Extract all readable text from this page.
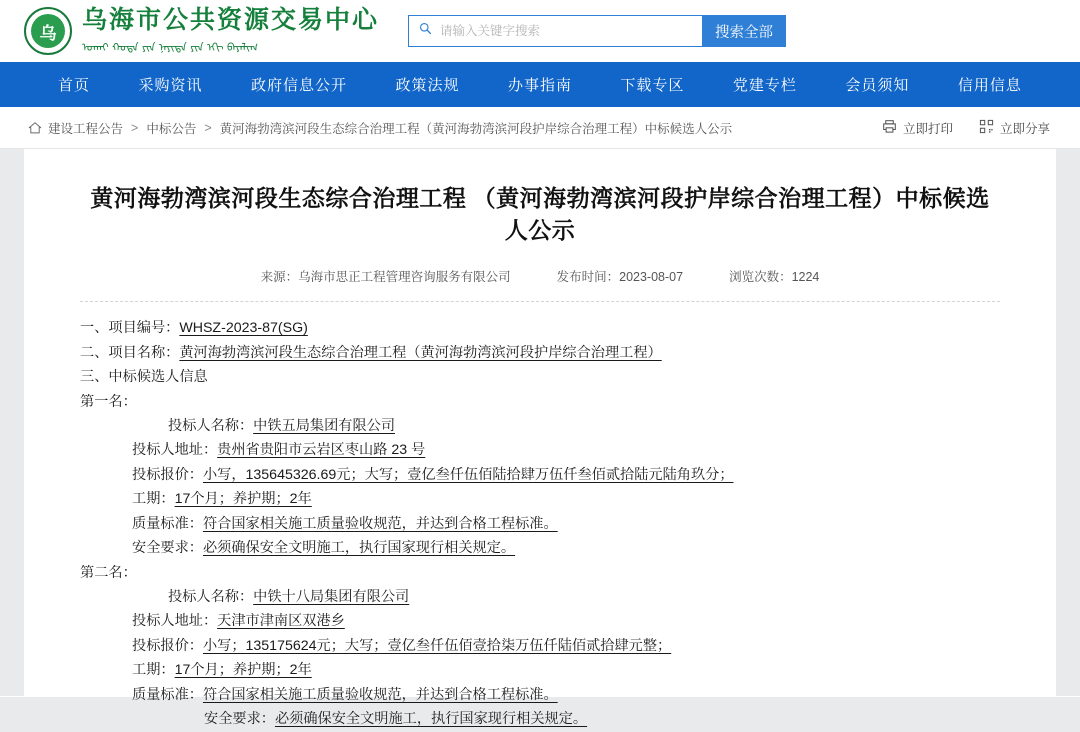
乌	乌海市公共资源交易中心
ᠤᠬᠠᠢ ᠬᠣᠲᠠ ᠶᠢᠨ ᠨᠡᠶᠢᠲᠡ ᠶᠢᠨ ᠡᠬᠢ ᠪᠠᠶᠠᠯᠢᠭ
请输入关键字搜索
搜索全部
首页	采购资讯	政府信息公开	政策法规	办事指南	下载专区	党建专栏	会员须知	信用信息
建设工程公告 > 中标公告 > 黄河海勃湾滨河段生态综合治理工程（黄河海勃湾滨河段护岸综合治理工程）中标候选人公示	立即打印	立即分享
黄河海勃湾滨河段生态综合治理工程 （黄河海勃湾滨河段护岸综合治理工程）中标候选人公示
来源：乌海市思正工程管理咨询服务有限公司	发布时间：2023-08-07	浏览次数：1224
一、项目编号：WHSZ-2023-87(SG)
二、项目名称：黄河海勃湾滨河段生态综合治理工程（黄河海勃湾滨河段护岸综合治理工程）
三、中标候选人信息
第一名：
投标人名称：中铁五局集团有限公司
投标人地址：贵州省贵阳市云岩区枣山路 23 号
投标报价：小写，135645326.69元；大写；壹亿叁仟伍佰陆拾肆万伍仟叁佰贰拾陆元陆角玖分；
工期：17个月；养护期；2年
质量标准：符合国家相关施工质量验收规范，并达到合格工程标准。
安全要求：必须确保安全文明施工，执行国家现行相关规定。
第二名：
投标人名称：中铁十八局集团有限公司
投标人地址：天津市津南区双港乡
投标报价：小写；135175624元；大写；壹亿叁仟伍佰壹拾柒万伍仟陆佰贰拾肆元整；
工期：17个月；养护期；2年
质量标准：符合国家相关施工质量验收规范，并达到合格工程标准。
安全要求：必须确保安全文明施工，执行国家现行相关规定。
